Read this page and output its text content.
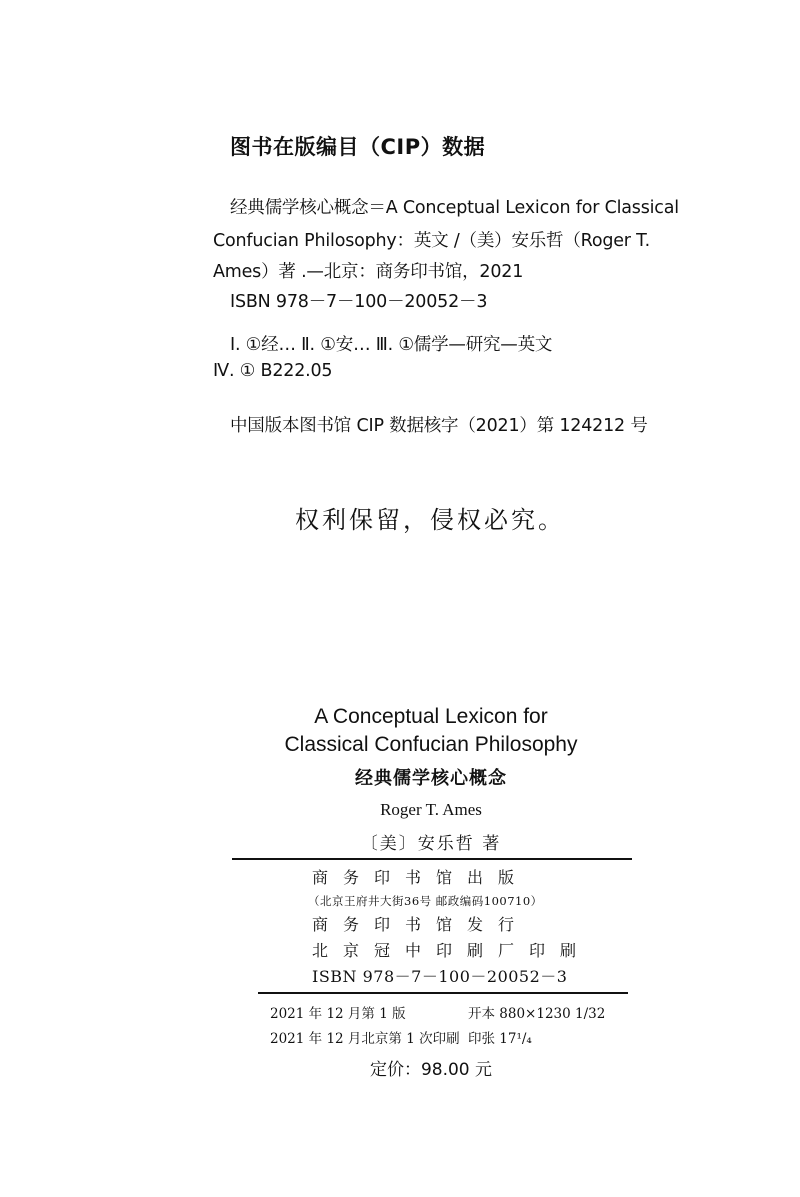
图书在版编目（CIP）数据
经典儒学核心概念＝A Conceptual Lexicon for Classical
Confucian Philosophy：英文 /（美）安乐哲（Roger T.
Ames）著 .—北京：商务印书馆，2021
ISBN 978－7－100－20052－3
Ⅰ. ①经… Ⅱ. ①安… Ⅲ. ①儒学—研究—英文
Ⅳ. ① B222.05
中国版本图书馆 CIP 数据核字（2021）第 124212 号
权利保留，侵权必究。
A Conceptual Lexicon for
Classical Confucian Philosophy
经典儒学核心概念
Roger T. Ames
〔美〕安乐哲 著
商务印书馆出版
（北京王府井大街36号 邮政编码100710）
商务印书馆发行
北京冠中印刷厂印刷
ISBN 978－7－100－20052－3
2021 年 12 月第 1 版	开本 880×1230 1/32
2021 年 12 月北京第 1 次印刷 印张 17¹/₄
定价：98.00 元
